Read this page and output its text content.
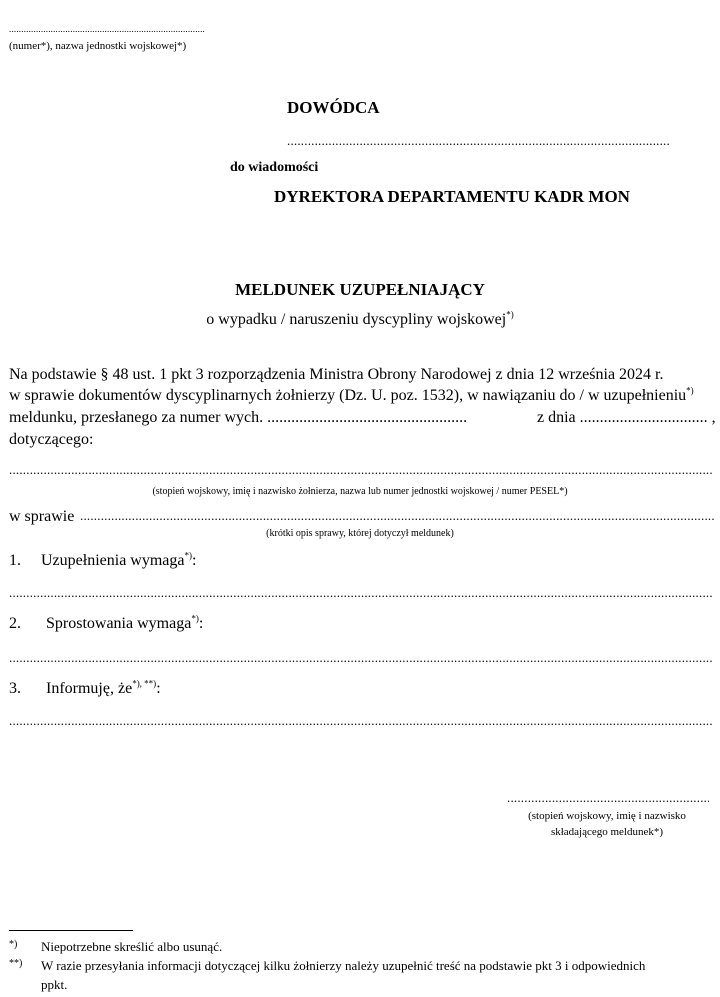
.....
(numer*), nazwa jednostki wojskowej*)
DOWÓDCA
.....
do wiadomości
DYREKTORA DEPARTAMENTU KADR MON
MELDUNEK UZUPEŁNIAJĄCY
o wypadku / naruszeniu dyscypliny wojskowej*)
Na podstawie § 48 ust. 1 pkt 3 rozporządzenia Ministra Obrony Narodowej z dnia 12 września 2024 r.
w sprawie dokumentów dyscyplinarnych żołnierzy (Dz. U. poz. 1532), w nawiązaniu do / w uzupełnieniu*)
meldunku, przesłanego za numer wych. ..................................................	z dnia ................................ ,
dotyczącego:
.....
(stopień wojskowy, imię i nazwisko żołnierza, nazwa lub numer jednostki wojskowej / numer PESEL*)
w sprawie
.....
(krótki opis sprawy, której dotyczył meldunek)
1. Uzupełnienia wymaga*):
.....
2. Sprostowania wymaga*):
.....
3. Informuję, że*), **):
.....
.....
(stopień wojskowy, imię i nazwisko
składającego meldunek*)
*) Niepotrzebne skreślić albo usunąć.
**) W razie przesyłania informacji dotyczącej kilku żołnierzy należy uzupełnić treść na podstawie pkt 3 i odpowiednich
ppkt.
